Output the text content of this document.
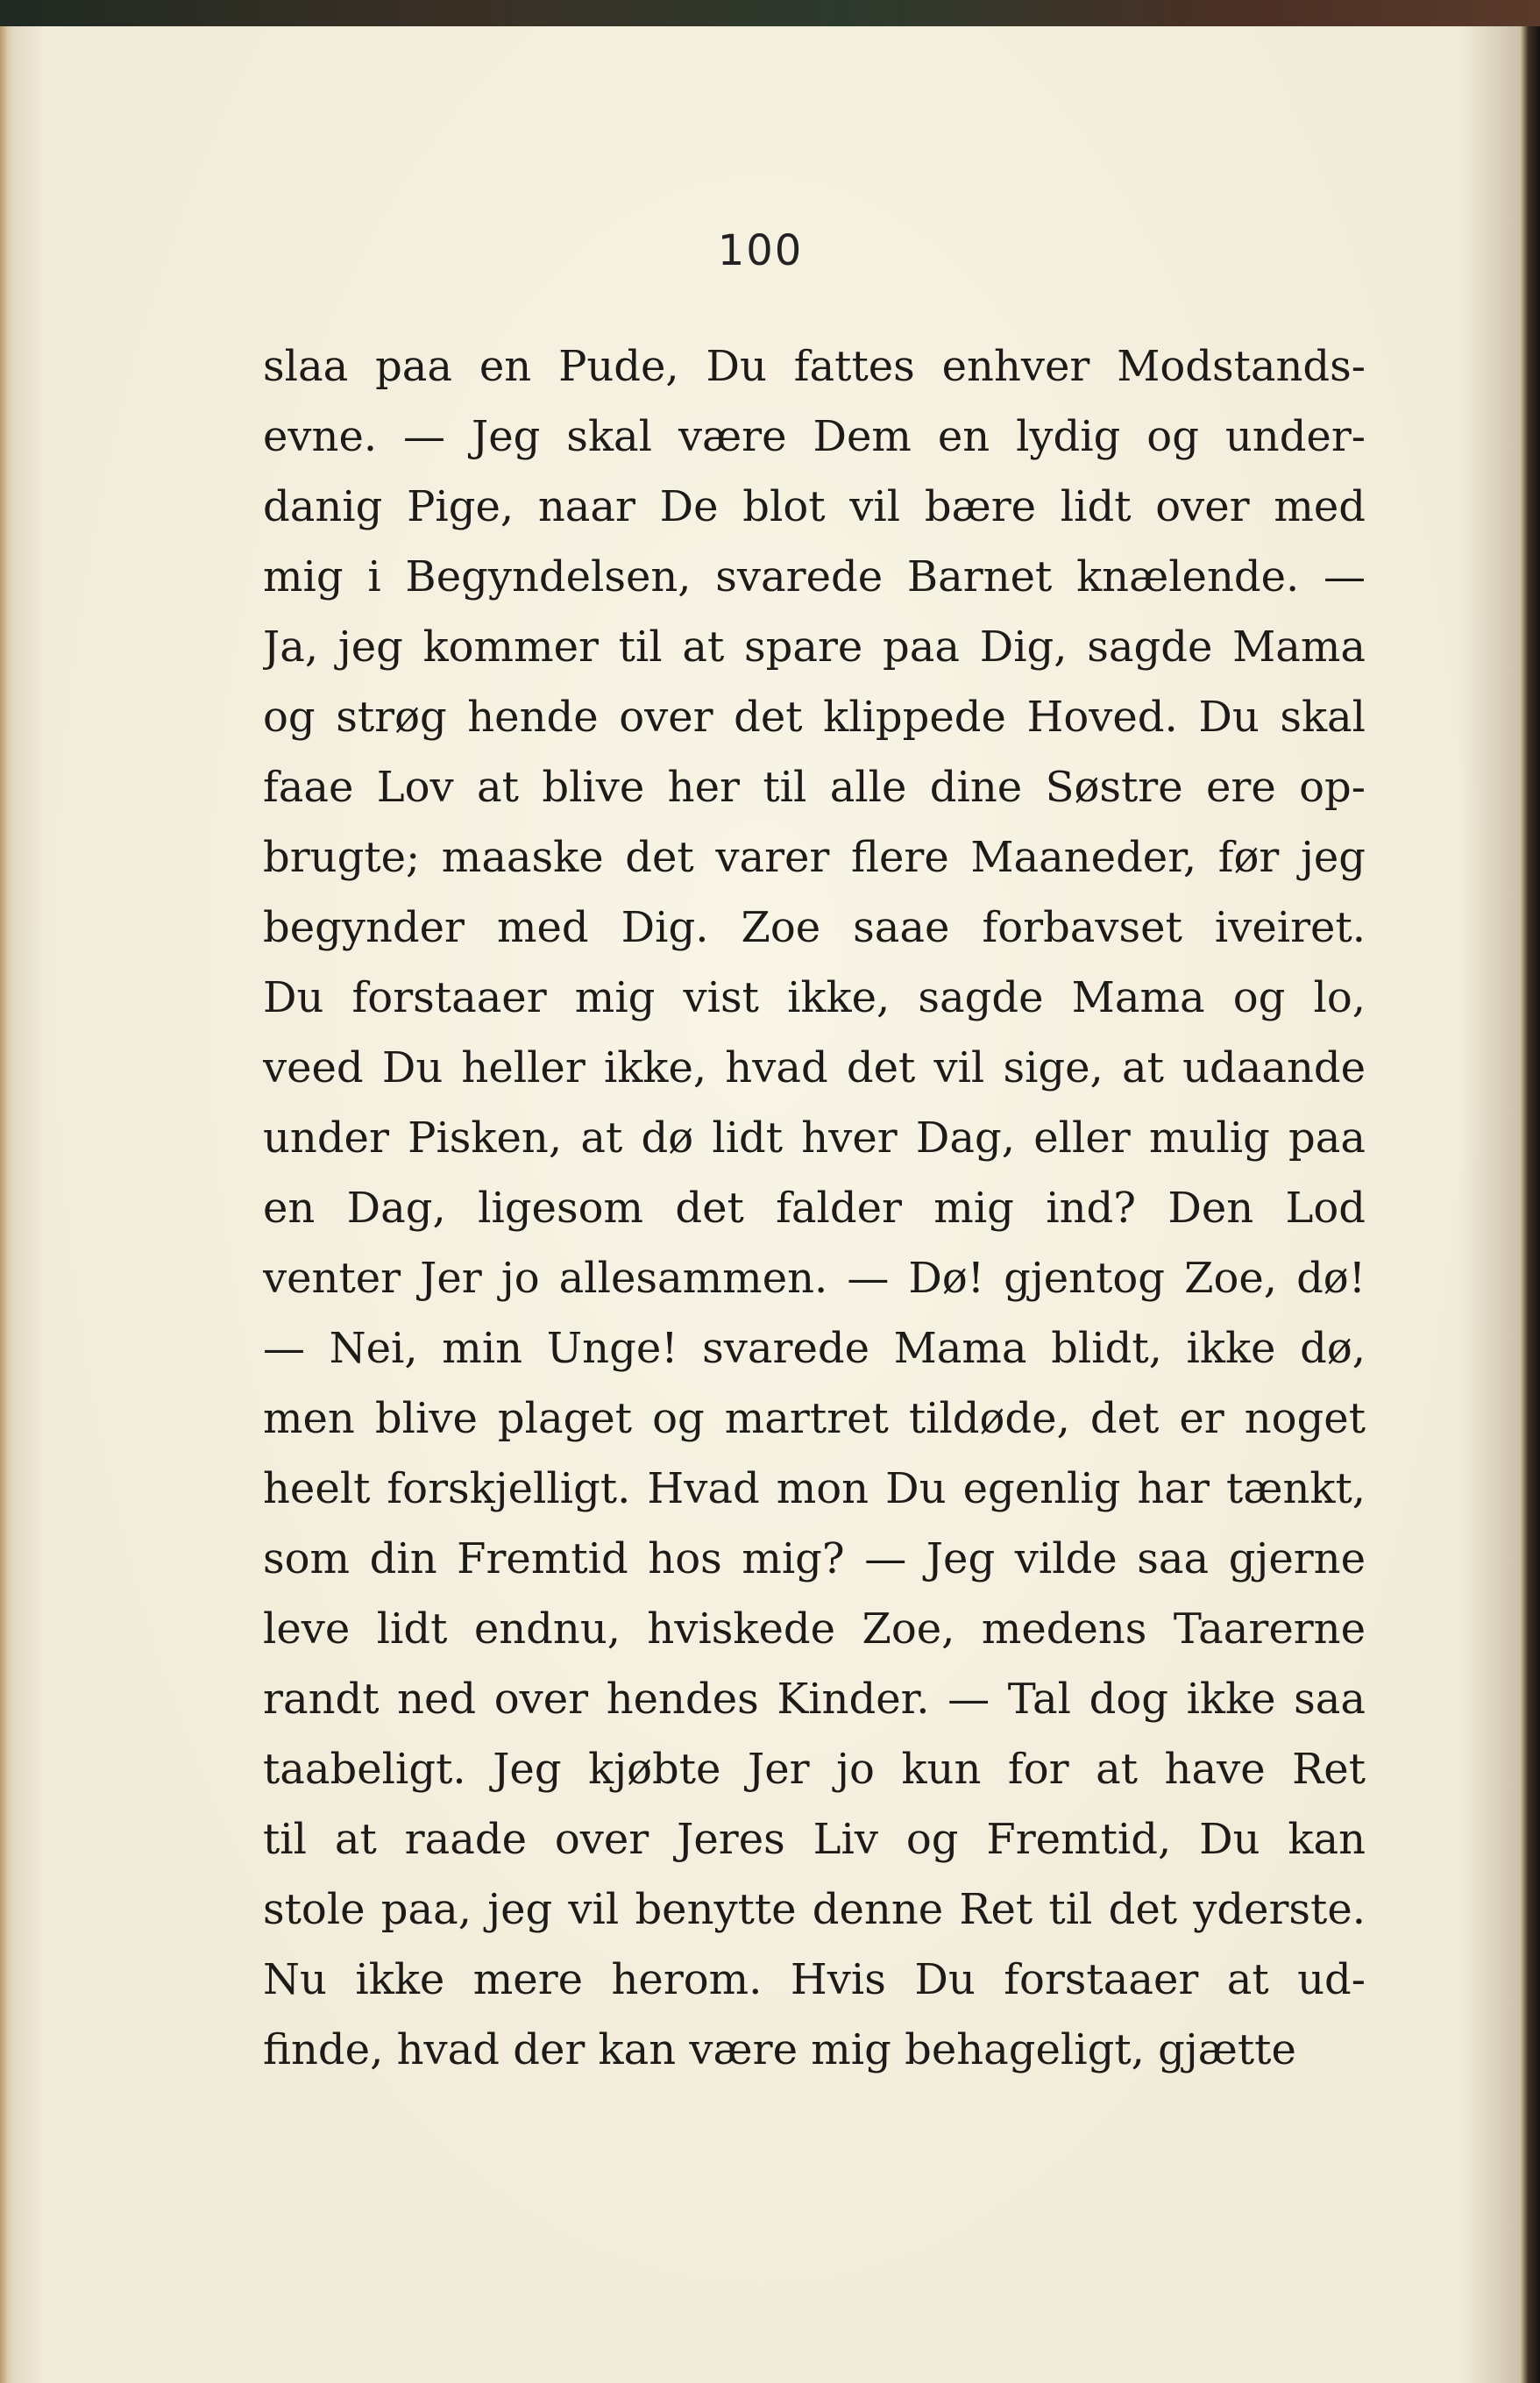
100
slaa paa en Pude, Du fattes enhver Modstands-
evne. — Jeg skal være Dem en lydig og under-
danig Pige, naar De blot vil bære lidt over med
mig i Begyndelsen, svarede Barnet knælende. —
Ja, jeg kommer til at spare paa Dig, sagde Mama
og strøg hende over det klippede Hoved. Du skal
faae Lov at blive her til alle dine Søstre ere op-
brugte; maaske det varer flere Maaneder, før jeg
begynder med Dig. Zoe saae forbavset iveiret.
Du forstaaer mig vist ikke, sagde Mama og lo,
veed Du heller ikke, hvad det vil sige, at udaande
under Pisken, at dø lidt hver Dag, eller mulig paa
en Dag, ligesom det falder mig ind? Den Lod
venter Jer jo allesammen. — Dø! gjentog Zoe, dø!
— Nei, min Unge! svarede Mama blidt, ikke dø,
men blive plaget og martret tildøde, det er noget
heelt forskjelligt. Hvad mon Du egenlig har tænkt,
som din Fremtid hos mig? — Jeg vilde saa gjerne
leve lidt endnu, hviskede Zoe, medens Taarerne
randt ned over hendes Kinder. — Tal dog ikke saa
taabeligt. Jeg kjøbte Jer jo kun for at have Ret
til at raade over Jeres Liv og Fremtid, Du kan
stole paa, jeg vil benytte denne Ret til det yderste.
Nu ikke mere herom. Hvis Du forstaaer at ud-
finde, hvad der kan være mig behageligt, gjætte
